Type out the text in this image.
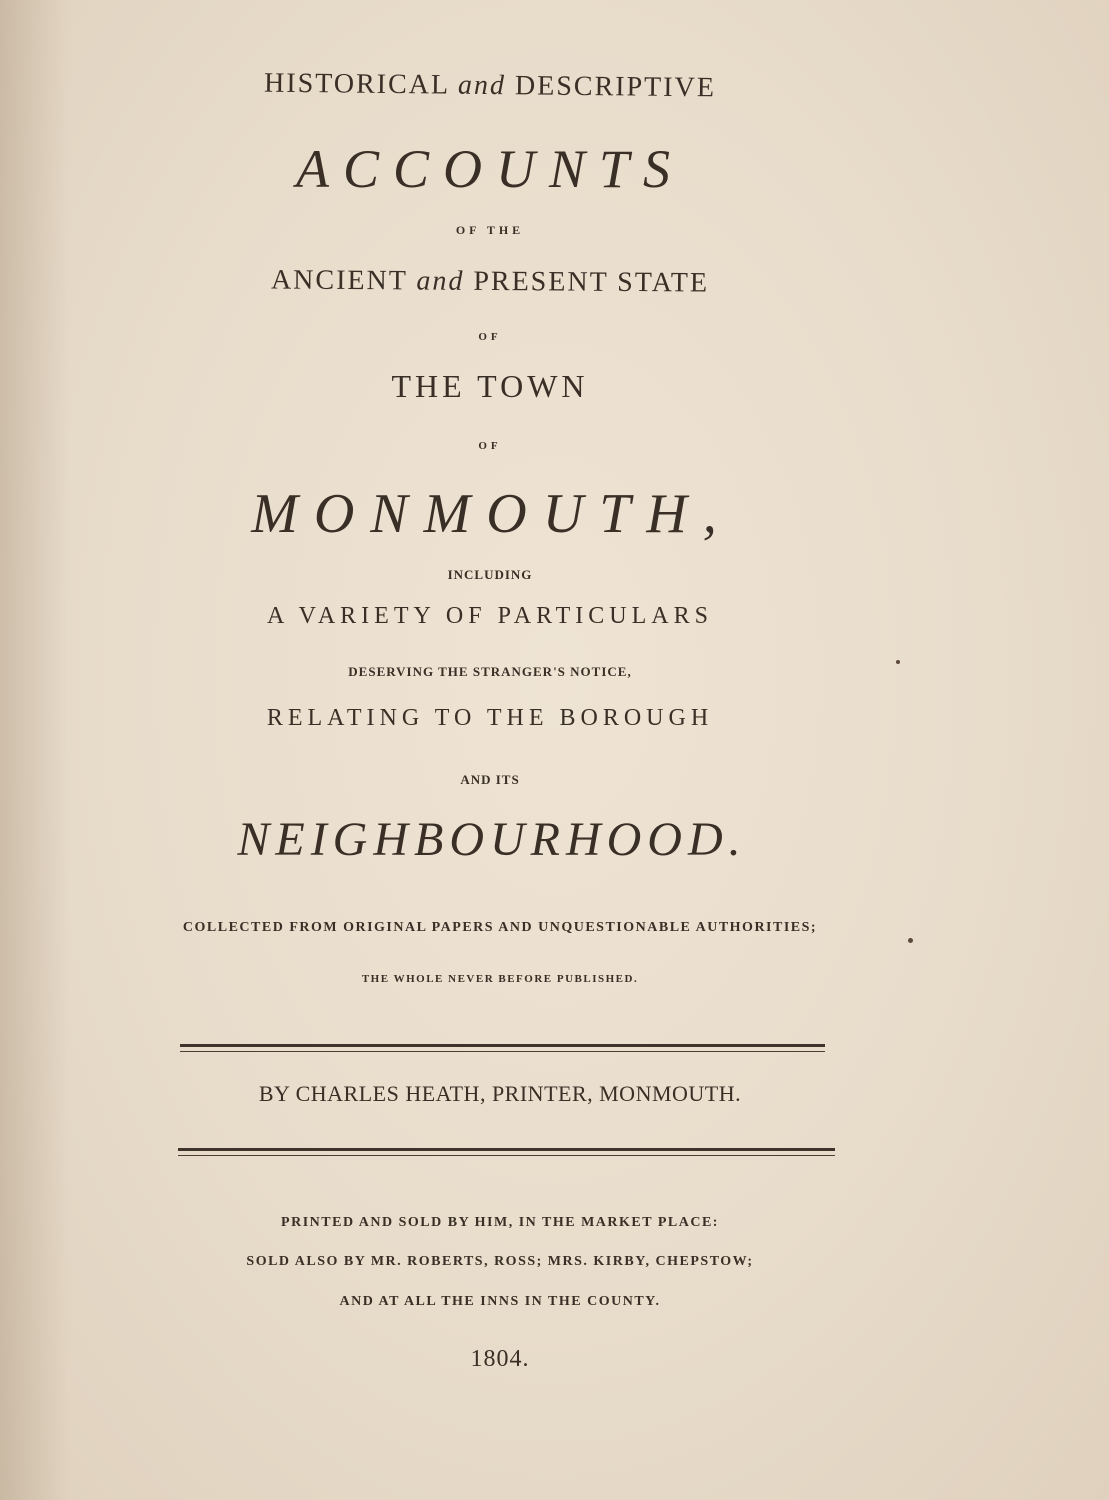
HISTORICAL and DESCRIPTIVE
ACCOUNTS
OF THE
ANCIENT and PRESENT STATE
OF
THE TOWN
OF
MONMOUTH,
INCLUDING
A VARIETY OF PARTICULARS
DESERVING THE STRANGER'S NOTICE,
RELATING TO THE BOROUGH
AND ITS
NEIGHBOURHOOD.
COLLECTED FROM ORIGINAL PAPERS AND UNQUESTIONABLE AUTHORITIES;
THE WHOLE NEVER BEFORE PUBLISHED.
BY CHARLES HEATH, PRINTER, MONMOUTH.
PRINTED AND SOLD BY HIM, IN THE MARKET PLACE:
SOLD ALSO BY MR. ROBERTS, ROSS; MRS. KIRBY, CHEPSTOW;
AND AT ALL THE INNS IN THE COUNTY.
1804.
